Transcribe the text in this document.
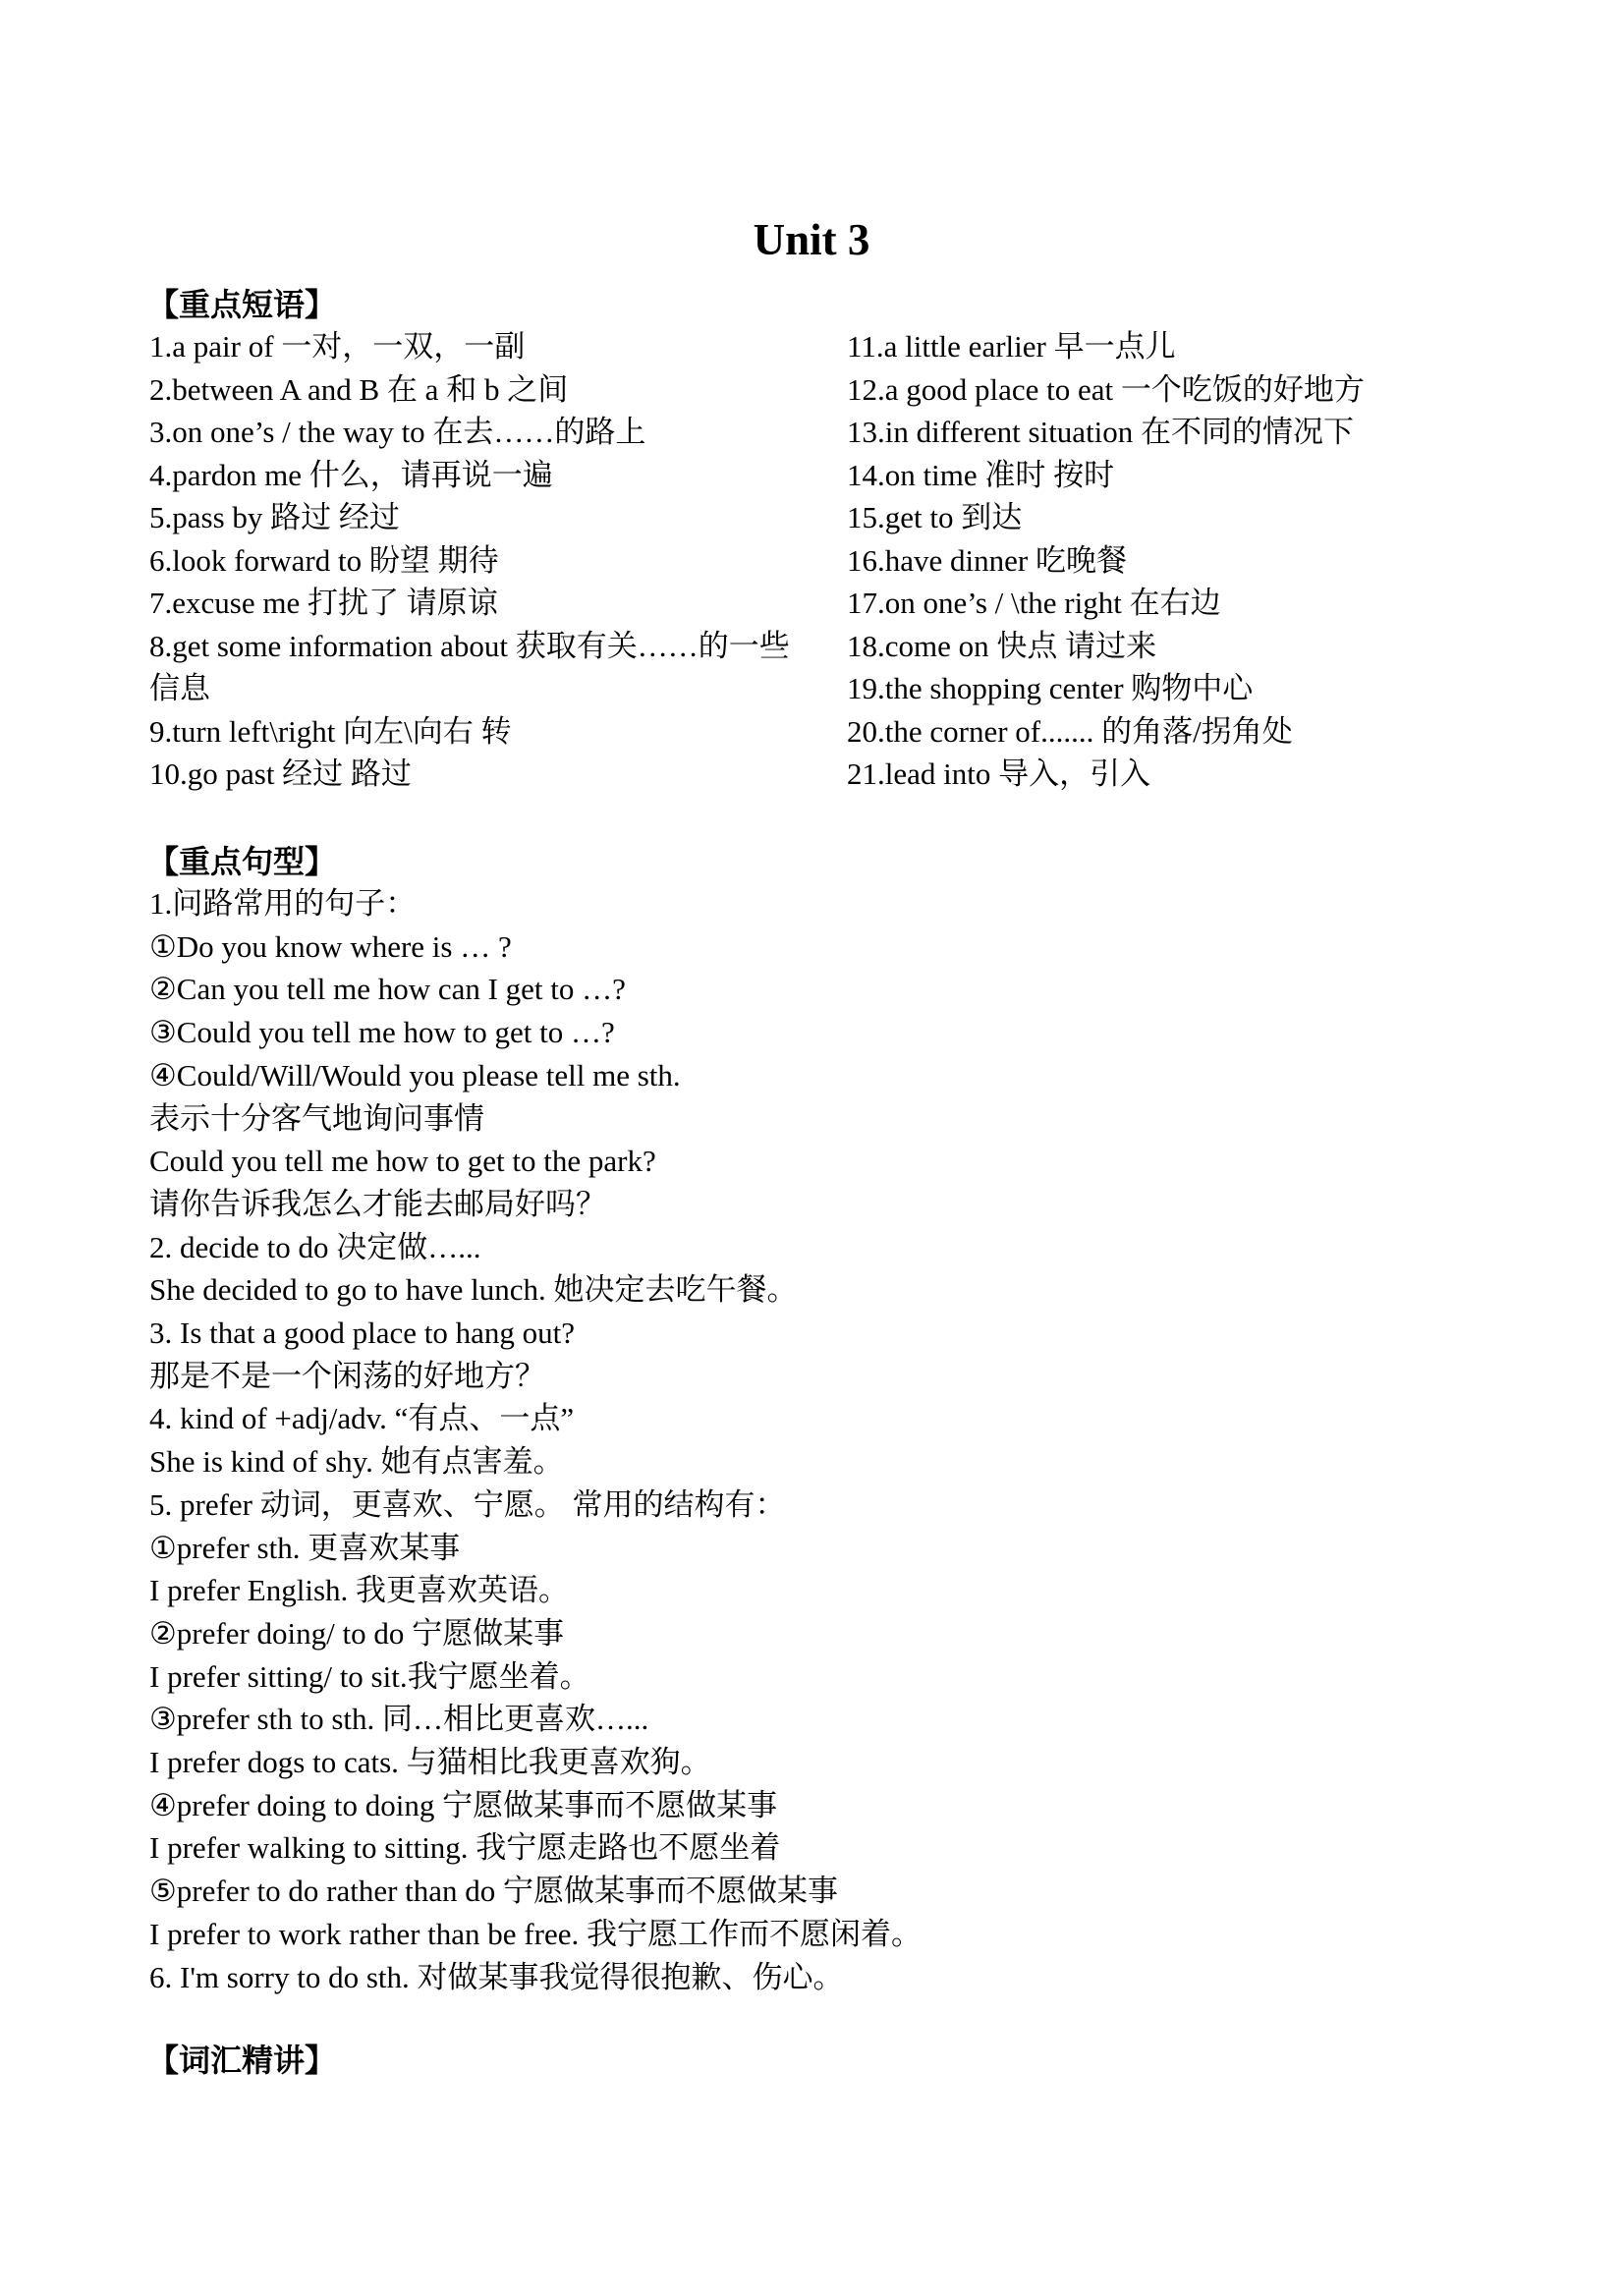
Unit 3
【重点短语】
1.a pair of 一对，一双，一副
2.between A and B 在 a 和 b 之间
3.on one’s / the way to 在去……的路上
4.pardon me 什么，请再说一遍
5.pass by 路过 经过
6.look forward to 盼望 期待
7.excuse me 打扰了 请原谅
8.get some information about 获取有关……的一些信息
9.turn left\right 向左\向右 转
10.go past 经过 路过
11.a little earlier 早一点儿
12.a good place to eat 一个吃饭的好地方
13.in different situation 在不同的情况下
14.on time 准时 按时
15.get to 到达
16.have dinner 吃晚餐
17.on one’s / \the right 在右边
18.come on 快点 请过来
19.the shopping center 购物中心
20.the corner of....... 的角落/拐角处
21.lead into 导入，引入
【重点句型】
1.问路常用的句子：
①Do you know where is … ?
②Can you tell me how can I get to …?
③Could you tell me how to get to …?
④Could/Will/Would you please tell me sth.
表示十分客气地询问事情
Could you tell me how to get to the park?
请你告诉我怎么才能去邮局好吗？
2. decide to do 决定做…...
She decided to go to have lunch. 她决定去吃午餐。
3. Is that a good place to hang out?
那是不是一个闲荡的好地方？
4. kind of +adj/adv. “有点、一点”
She is kind of shy. 她有点害羞。
5. prefer 动词，更喜欢、宁愿。 常用的结构有：
①prefer sth. 更喜欢某事
I prefer English. 我更喜欢英语。
②prefer doing/ to do 宁愿做某事
I prefer sitting/ to sit.我宁愿坐着。
③prefer sth to sth. 同…相比更喜欢…...
I prefer dogs to cats. 与猫相比我更喜欢狗。
④prefer doing to doing 宁愿做某事而不愿做某事
I prefer walking to sitting. 我宁愿走路也不愿坐着
⑤prefer to do rather than do 宁愿做某事而不愿做某事
I prefer to work rather than be free. 我宁愿工作而不愿闲着。
6. I'm sorry to do sth. 对做某事我觉得很抱歉、伤心。
【词汇精讲】
